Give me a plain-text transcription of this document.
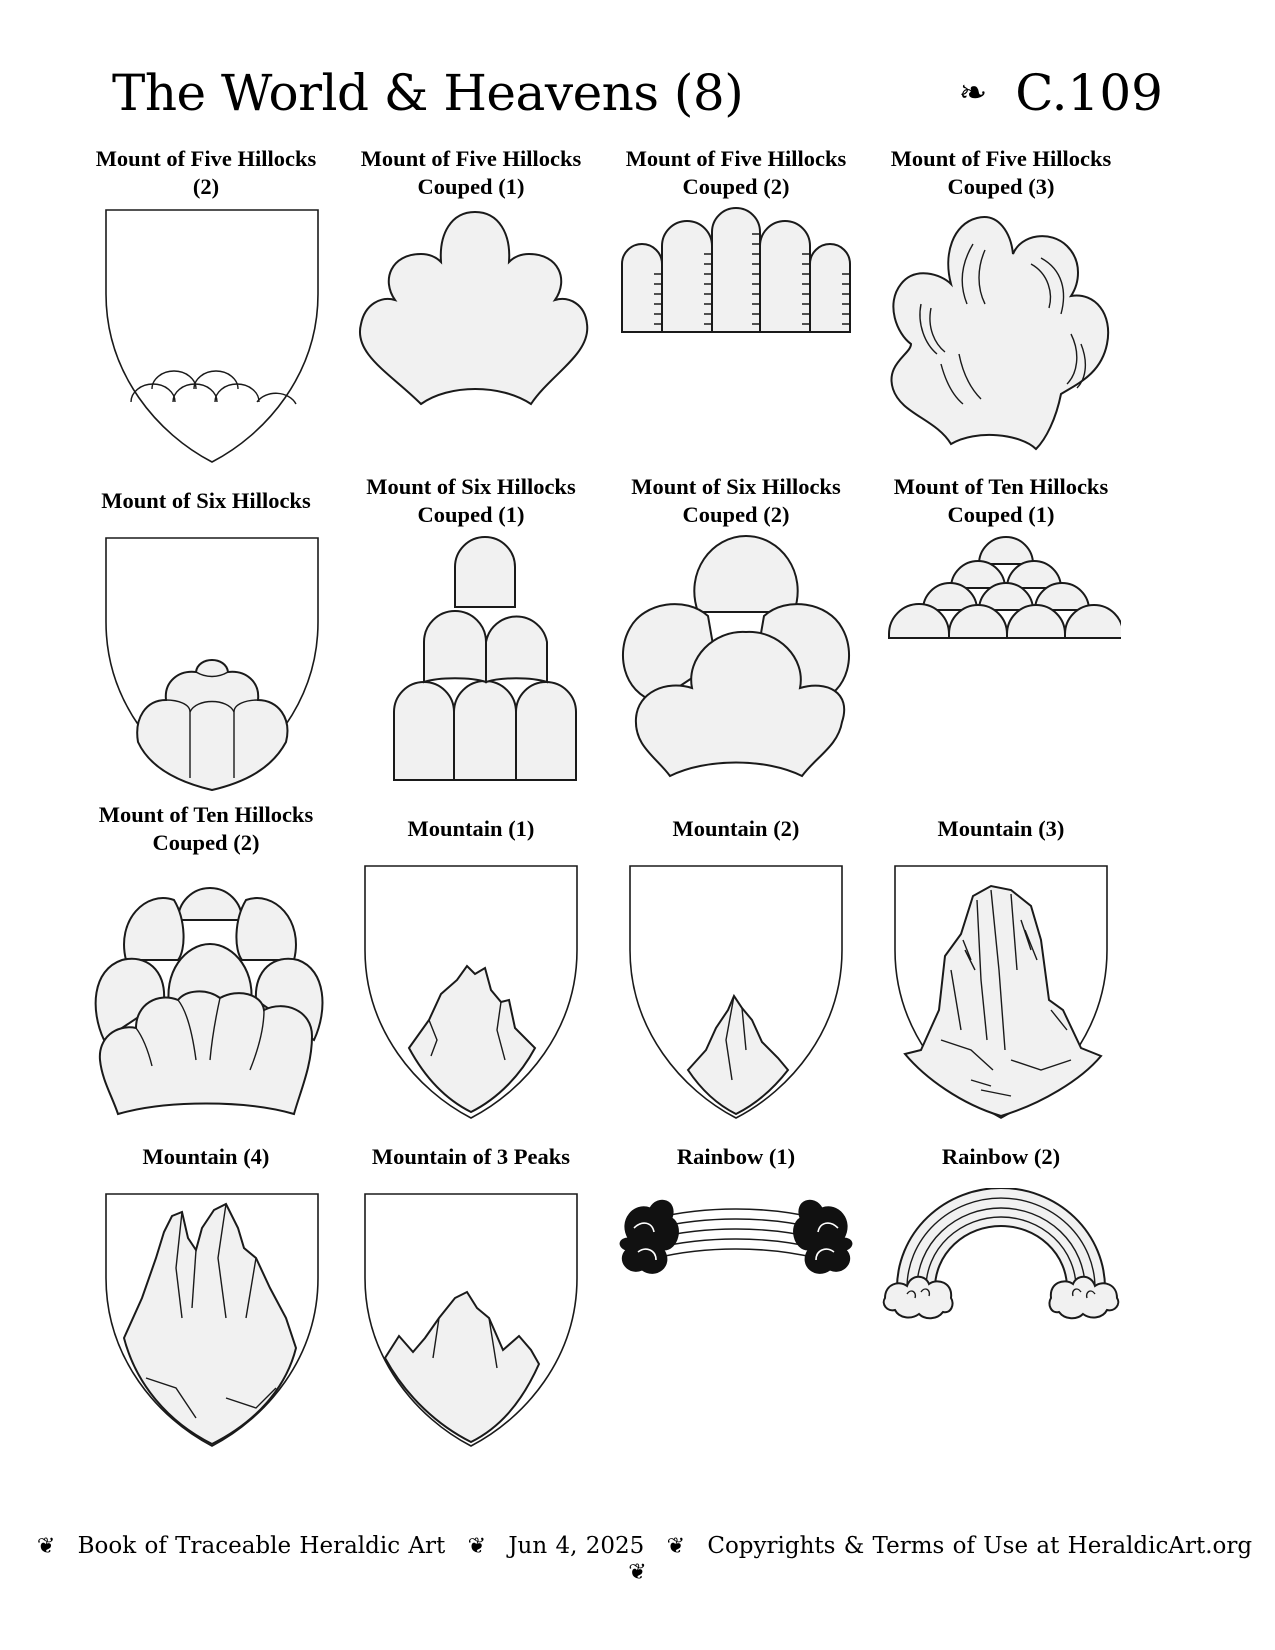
The World & Heavens (8)	❧ C.109
Mount of Five Hillocks
(2)
Mount of Five Hillocks
Couped (1)
Mount of Five Hillocks
Couped (2)
Mount of Five Hillocks
Couped (3)
Mount of Six Hillocks
Mount of Six Hillocks
Couped (1)
Mount of Six Hillocks
Couped (2)
Mount of Ten Hillocks
Couped (1)
Mount of Ten Hillocks
Couped (2)
Mountain (1)	Mountain (2)	Mountain (3)
Mountain (4)	Mountain of 3 Peaks	Rainbow (1)	Rainbow (2)
❦ Book of Traceable Heraldic Art ❦ Jun 4, 2025 ❦ Copyrights & Terms of Use at HeraldicArt.org ❦
